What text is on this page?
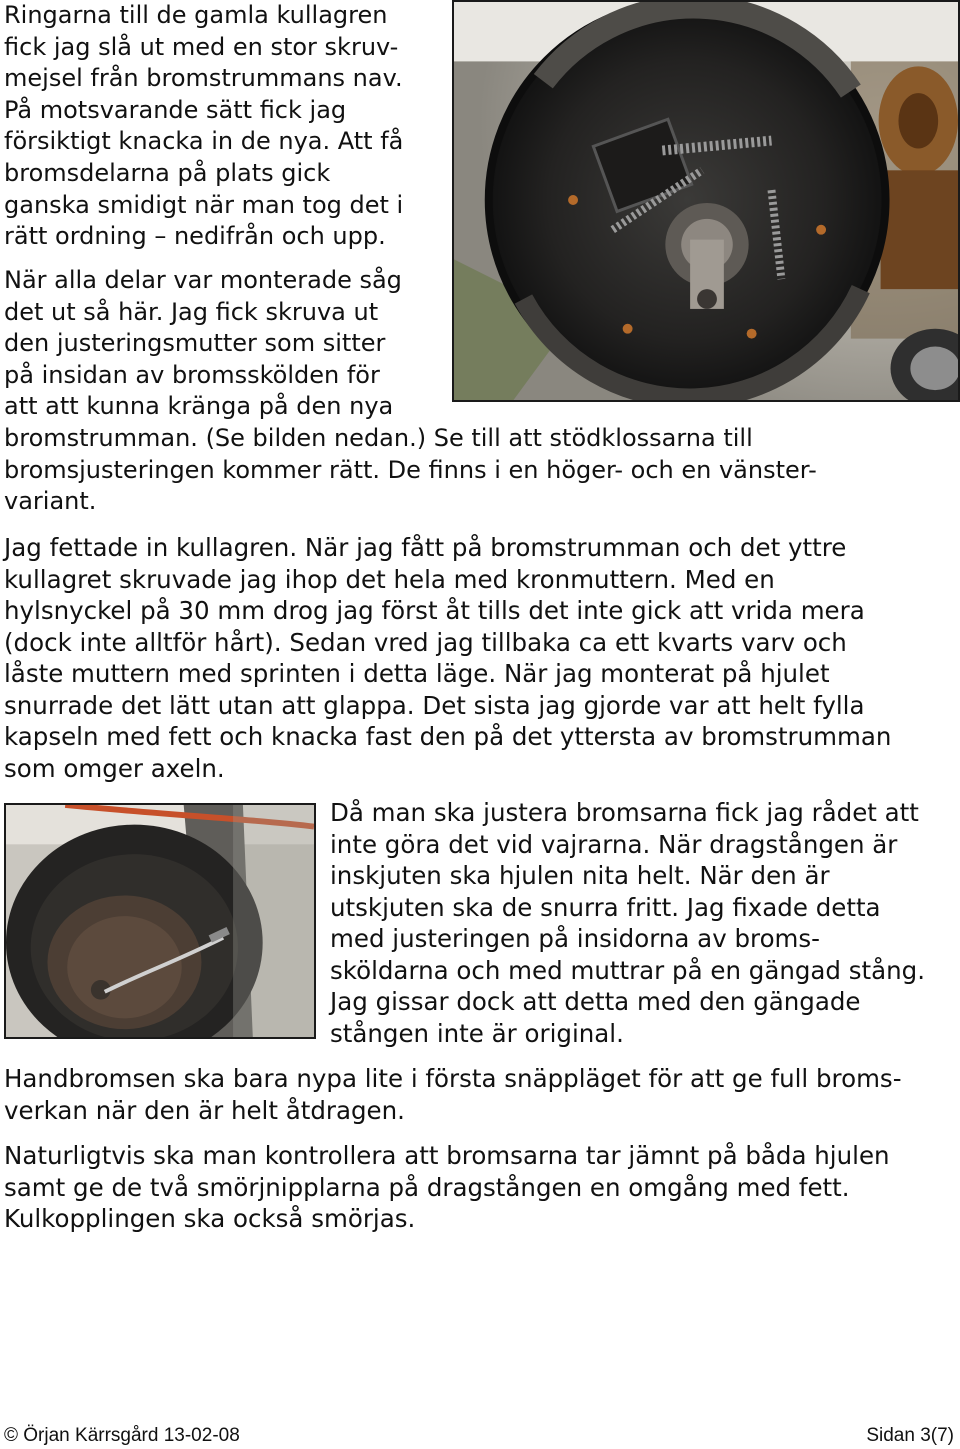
Ringarna till de gamla kullagren
fick jag slå ut med en stor skruv-
mejsel från bromstrummans nav.
På motsvarande sätt fick jag
försiktigt knacka in de nya. Att få
bromsdelarna på plats gick
ganska smidigt när man tog det i
rätt ordning – nedifrån och upp.
När alla delar var monterade såg
det ut så här. Jag fick skruva ut
den justeringsmutter som sitter
på insidan av bromsskölden för
att att kunna kränga på den nya
bromstrumman. (Se bilden nedan.) Se till att stödklossarna till
bromsjusteringen kommer rätt. De finns i en höger- och en vänster-
variant.
Jag fettade in kullagren. När jag fått på bromstrumman och det yttre
kullagret skruvade jag ihop det hela med kronmuttern. Med en
hylsnyckel på 30 mm drog jag först åt tills det inte gick att vrida mera
(dock inte alltför hårt). Sedan vred jag tillbaka ca ett kvarts varv och
låste muttern med sprinten i detta läge. När jag monterat på hjulet
snurrade det lätt utan att glappa. Det sista jag gjorde var att helt fylla
kapseln med fett och knacka fast den på det yttersta av bromstrumman
som omger axeln.
Då man ska justera bromsarna fick jag rådet att
inte göra det vid vajrarna. När dragstången är
inskjuten ska hjulen nita helt. När den är
utskjuten ska de snurra fritt. Jag fixade detta
med justeringen på insidorna av broms-
sköldarna och med muttrar på en gängad stång.
Jag gissar dock att detta med den gängade
stången inte är original.
Handbromsen ska bara nypa lite i första snäppläget för att ge full broms-
verkan när den är helt åtdragen.
Naturligtvis ska man kontrollera att bromsarna tar jämnt på båda hjulen
samt ge de två smörjnipplarna på dragstången en omgång med fett.
Kulkopplingen ska också smörjas.
© Örjan Kärrsgård 13-02-08	Sidan 3(7)
